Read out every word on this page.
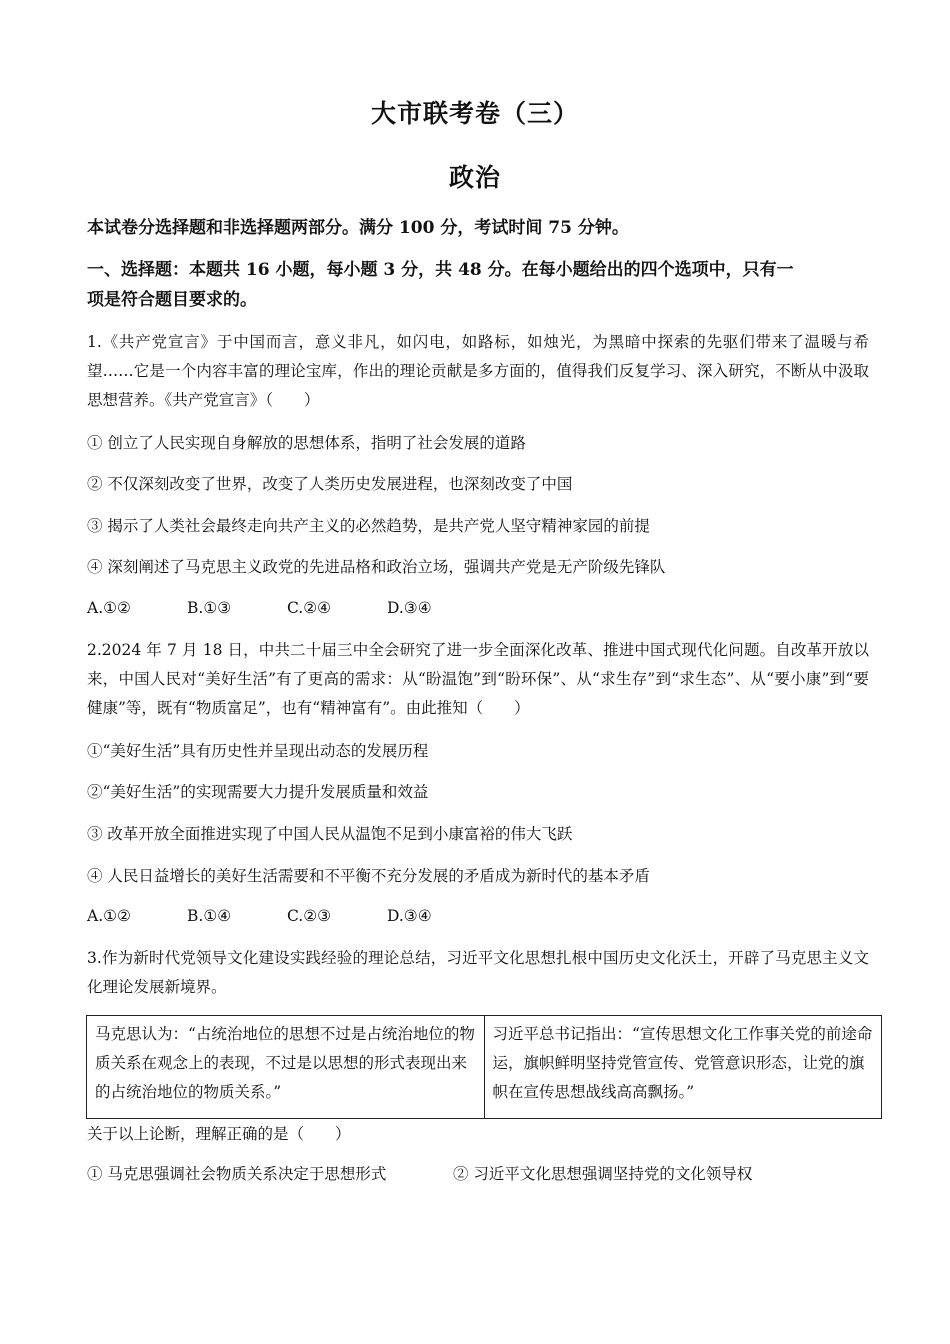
大市联考卷（三）
政治
本试卷分选择题和非选择题两部分。满分 100 分，考试时间 75 分钟。
一、选择题：本题共 16 小题，每小题 3 分，共 48 分。在每小题给出的四个选项中，只有一
项是符合题目要求的。
1.《共产党宣言》于中国而言，意义非凡，如闪电，如路标，如烛光，为黑暗中探索的先驱们带来了温暖与希望……它是一个内容丰富的理论宝库，作出的理论贡献是多方面的，值得我们反复学习、深入研究，不断从中汲取思想营养。《共产党宣言》（　　）
① 创立了人民实现自身解放的思想体系，指明了社会发展的道路
② 不仅深刻改变了世界，改变了人类历史发展进程，也深刻改变了中国
③ 揭示了人类社会最终走向共产主义的必然趋势，是共产党人坚守精神家园的前提
④ 深刻阐述了马克思主义政党的先进品格和政治立场，强调共产党是无产阶级先锋队
A.①②	B.①③	C.②④	D.③④
2.2024 年 7 月 18 日，中共二十届三中全会研究了进一步全面深化改革、推进中国式现代化问题。自改革开放以来，中国人民对“美好生活”有了更高的需求：从“盼温饱”到“盼环保”、从“求生存”到“求生态”、从“要小康”到“要健康”等，既有“物质富足”，也有“精神富有”。由此推知（　　）
①“美好生活”具有历史性并呈现出动态的发展历程
②“美好生活”的实现需要大力提升发展质量和效益
③ 改革开放全面推进实现了中国人民从温饱不足到小康富裕的伟大飞跃
④ 人民日益增长的美好生活需要和不平衡不充分发展的矛盾成为新时代的基本矛盾
A.①②	B.①④	C.②③	D.③④
3.作为新时代党领导文化建设实践经验的理论总结，习近平文化思想扎根中国历史文化沃土，开辟了马克思主义文化理论发展新境界。
马克思认为：“占统治地位的思想不过是占统治地位的物质关系在观念上的表现，不过是以思想的形式表现出来的占统治地位的物质关系。”	习近平总书记指出：“宣传思想文化工作事关党的前途命运，旗帜鲜明坚持党管宣传、党管意识形态，让党的旗帜在宣传思想战线高高飘扬。”
关于以上论断，理解正确的是（　　）
① 马克思强调社会物质关系决定于思想形式	② 习近平文化思想强调坚持党的文化领导权
